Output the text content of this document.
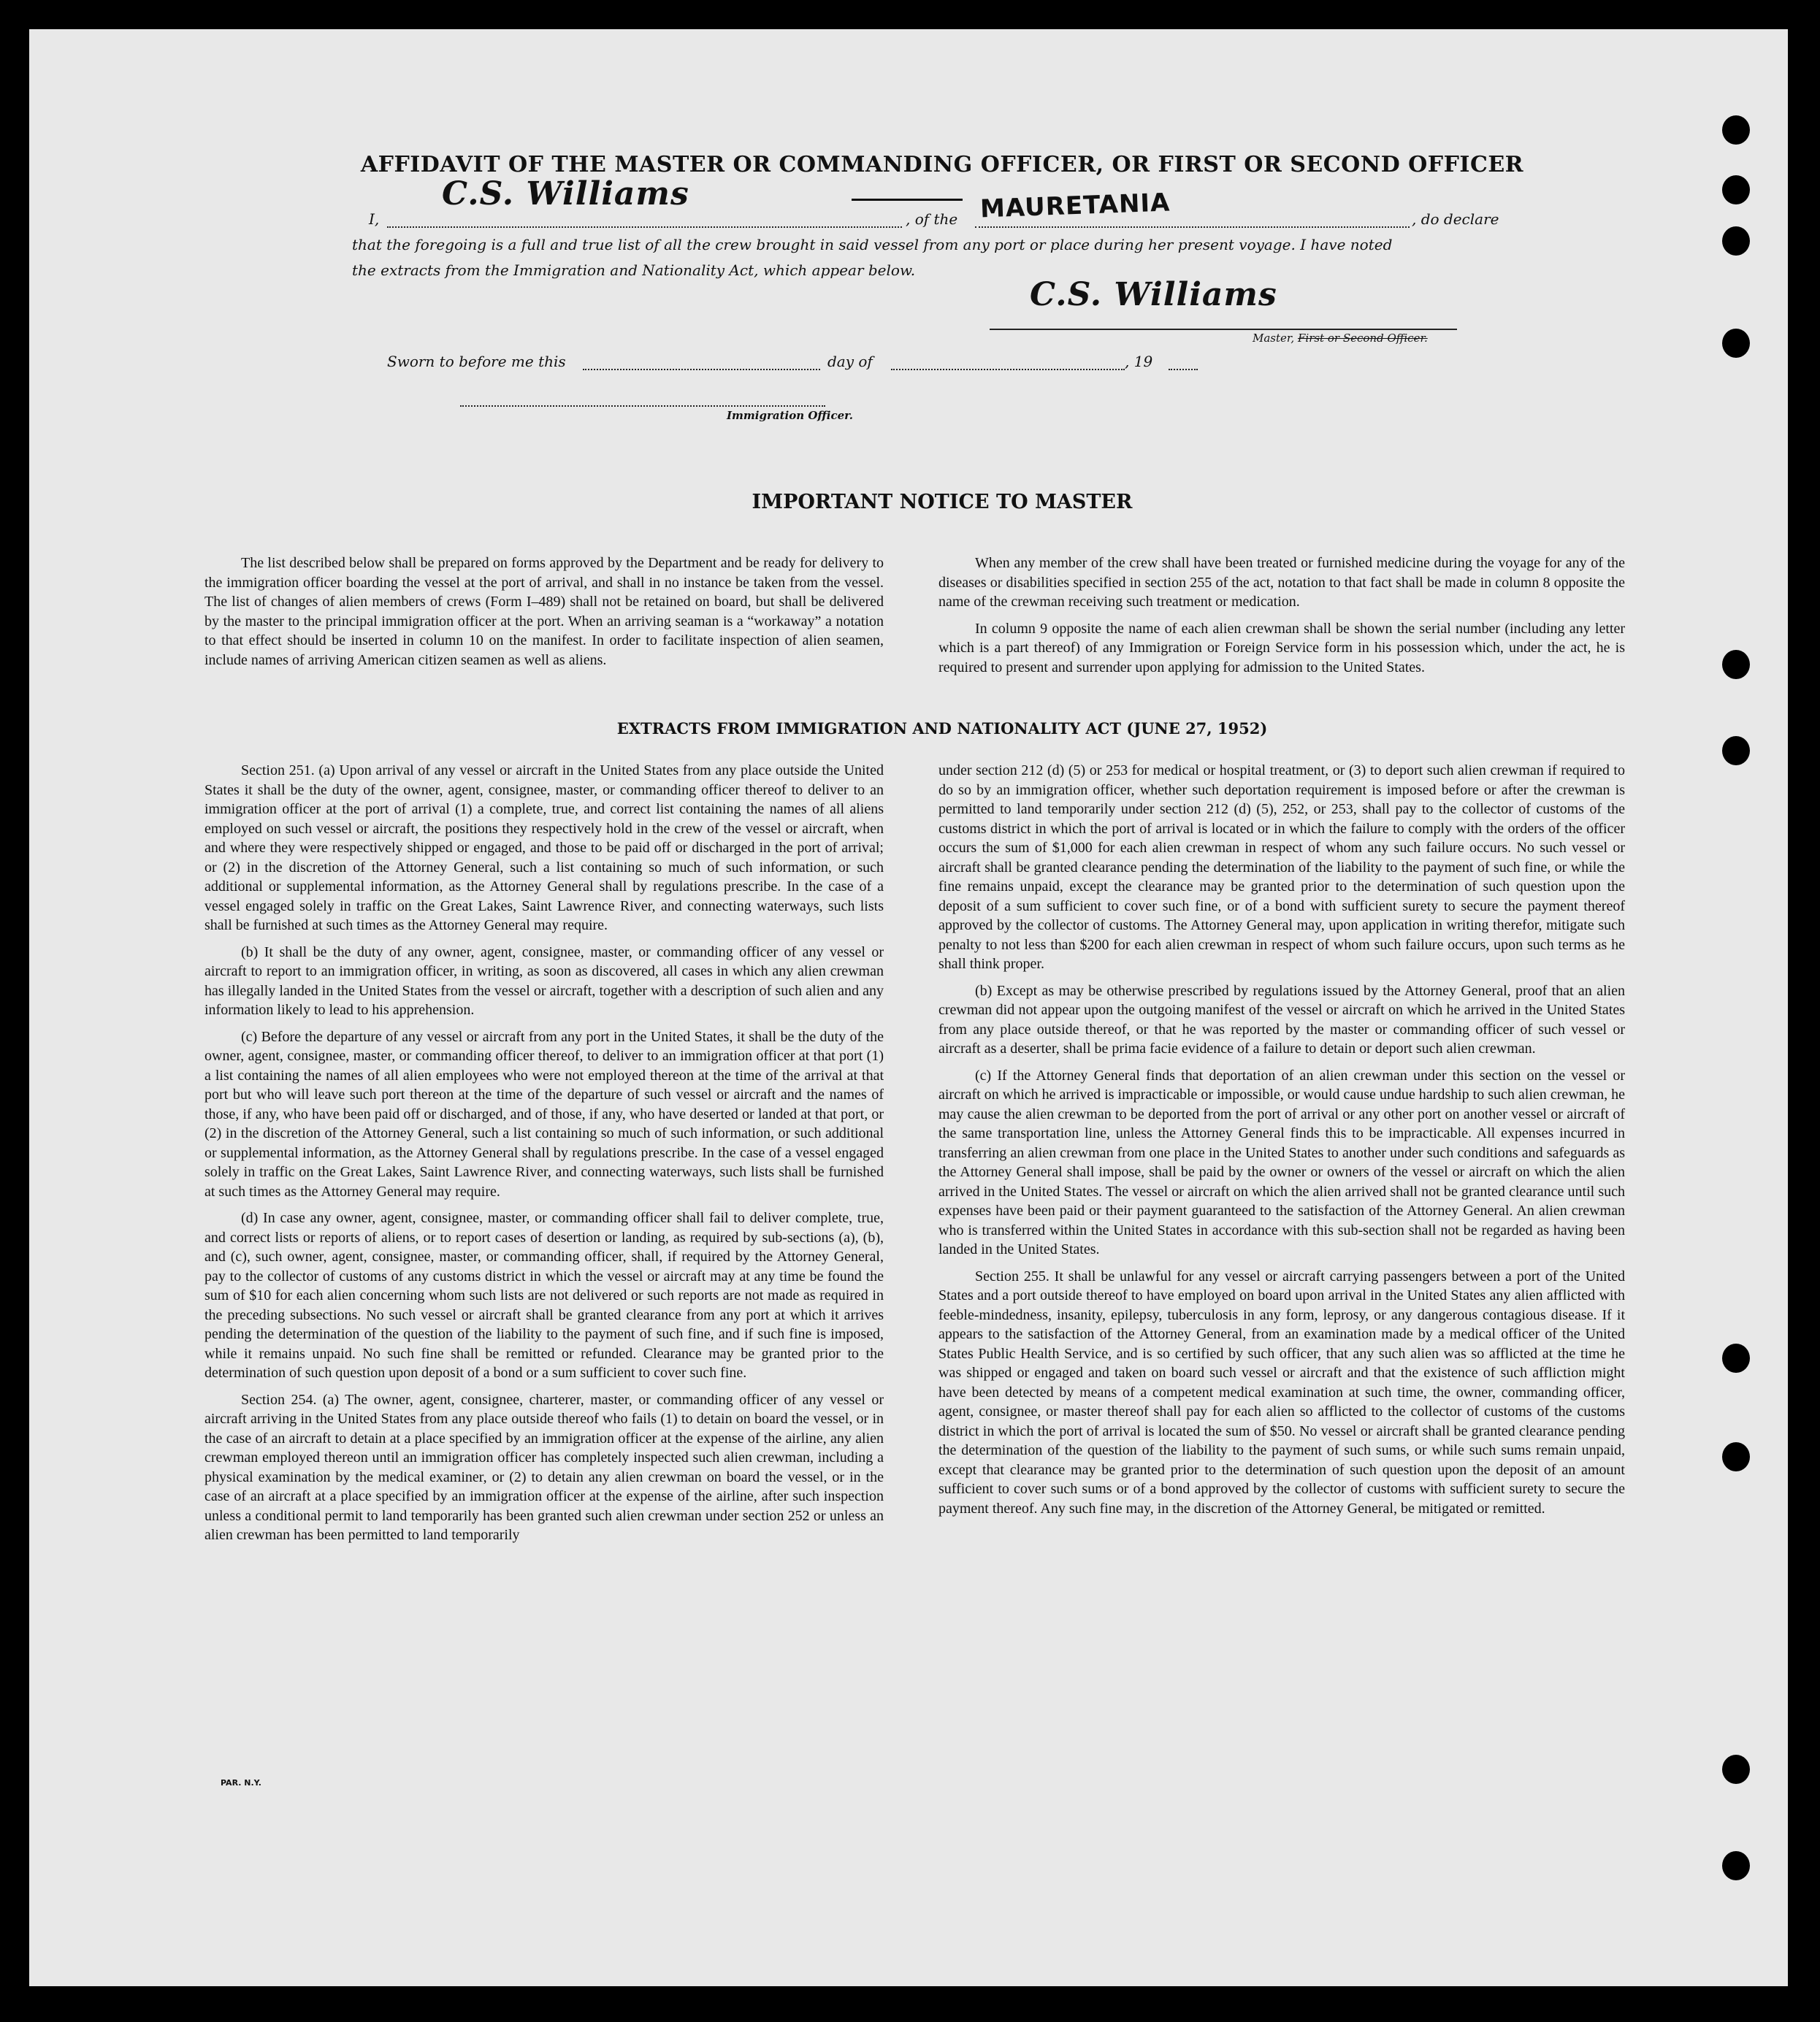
AFFIDAVIT OF THE MASTER OR COMMANDING OFFICER, OR FIRST OR SECOND OFFICER
I,
C.S. Williams
, of the MAURETANIA	, do declare
that the foregoing is a full and true list of all the crew brought in said vessel from any port or place during her present voyage. I have noted
the extracts from the Immigration and Nationality Act, which appear below.
C.S. Williams
Master, First or Second Officer.
Sworn to before me this	day of	, 19
Immigration Officer.
IMPORTANT NOTICE TO MASTER

The list described below shall be prepared on forms approved by the Department and be ready for delivery to the immigration officer boarding the vessel at the port of arrival, and shall in no instance be taken from the vessel. The list of changes of alien members of crews (Form I–489) shall not be retained on board, but shall be delivered by the master to the principal immigration officer at the port. When an arriving seaman is a “workaway” a notation to that effect should be inserted in column 10 on the manifest. In order to facilitate inspection of alien seamen, include names of arriving American citizen seamen as well as aliens.

When any member of the crew shall have been treated or furnished medicine during the voyage for any of the diseases or disabilities specified in section 255 of the act, notation to that fact shall be made in column 8 opposite the name of the crewman receiving such treatment or medication.

In column 9 opposite the name of each alien crewman shall be shown the serial number (including any letter which is a part thereof) of any Immigration or Foreign Service form in his possession which, under the act, he is required to present and surrender upon applying for admission to the United States.

EXTRACTS FROM IMMIGRATION AND NATIONALITY ACT (JUNE 27, 1952)

Section 251. (a) Upon arrival of any vessel or aircraft in the United States from any place outside the United States it shall be the duty of the owner, agent, consignee, master, or commanding officer thereof to deliver to an immigration officer at the port of arrival (1) a complete, true, and correct list containing the names of all aliens employed on such vessel or aircraft, the positions they respectively hold in the crew of the vessel or aircraft, when and where they were respectively shipped or engaged, and those to be paid off or discharged in the port of arrival; or (2) in the discretion of the Attorney General, such a list containing so much of such information, or such additional or supplemental information, as the Attorney General shall by regulations prescribe. In the case of a vessel engaged solely in traffic on the Great Lakes, Saint Lawrence River, and connecting waterways, such lists shall be furnished at such times as the Attorney General may require.

(b) It shall be the duty of any owner, agent, consignee, master, or commanding officer of any vessel or aircraft to report to an immigration officer, in writing, as soon as discovered, all cases in which any alien crewman has illegally landed in the United States from the vessel or aircraft, together with a description of such alien and any information likely to lead to his apprehension.

(c) Before the departure of any vessel or aircraft from any port in the United States, it shall be the duty of the owner, agent, consignee, master, or commanding officer thereof, to deliver to an immigration officer at that port (1) a list containing the names of all alien employees who were not employed thereon at the time of the arrival at that port but who will leave such port thereon at the time of the departure of such vessel or aircraft and the names of those, if any, who have been paid off or discharged, and of those, if any, who have deserted or landed at that port, or (2) in the discretion of the Attorney General, such a list containing so much of such information, or such additional or supplemental information, as the Attorney General shall by regulations prescribe. In the case of a vessel engaged solely in traffic on the Great Lakes, Saint Lawrence River, and connecting waterways, such lists shall be furnished at such times as the Attorney General may require.

(d) In case any owner, agent, consignee, master, or commanding officer shall fail to deliver complete, true, and correct lists or reports of aliens, or to report cases of desertion or landing, as required by sub-sections (a), (b), and (c), such owner, agent, consignee, master, or commanding officer, shall, if required by the Attorney General, pay to the collector of customs of any customs district in which the vessel or aircraft may at any time be found the sum of $10 for each alien concerning whom such lists are not delivered or such reports are not made as required in the preceding subsections. No such vessel or aircraft shall be granted clearance from any port at which it arrives pending the determination of the question of the liability to the payment of such fine, and if such fine is imposed, while it remains unpaid. No such fine shall be remitted or refunded. Clearance may be granted prior to the determination of such question upon deposit of a bond or a sum sufficient to cover such fine.

Section 254. (a) The owner, agent, consignee, charterer, master, or commanding officer of any vessel or aircraft arriving in the United States from any place outside thereof who fails (1) to detain on board the vessel, or in the case of an aircraft to detain at a place specified by an immigration officer at the expense of the airline, any alien crewman employed thereon until an immigration officer has completely inspected such alien crewman, including a physical examination by the medical examiner, or (2) to detain any alien crewman on board the vessel, or in the case of an aircraft at a place specified by an immigration officer at the expense of the airline, after such inspection unless a conditional permit to land temporarily has been granted such alien crewman under section 252 or unless an alien crewman has been permitted to land temporarily

under section 212 (d) (5) or 253 for medical or hospital treatment, or (3) to deport such alien crewman if required to do so by an immigration officer, whether such deportation requirement is imposed before or after the crewman is permitted to land temporarily under section 212 (d) (5), 252, or 253, shall pay to the collector of customs of the customs district in which the port of arrival is located or in which the failure to comply with the orders of the officer occurs the sum of $1,000 for each alien crewman in respect of whom any such failure occurs. No such vessel or aircraft shall be granted clearance pending the determination of the liability to the payment of such fine, or while the fine remains unpaid, except the clearance may be granted prior to the determination of such question upon the deposit of a sum sufficient to cover such fine, or of a bond with sufficient surety to secure the payment thereof approved by the collector of customs. The Attorney General may, upon application in writing therefor, mitigate such penalty to not less than $200 for each alien crewman in respect of whom such failure occurs, upon such terms as he shall think proper.

(b) Except as may be otherwise prescribed by regulations issued by the Attorney General, proof that an alien crewman did not appear upon the outgoing manifest of the vessel or aircraft on which he arrived in the United States from any place outside thereof, or that he was reported by the master or commanding officer of such vessel or aircraft as a deserter, shall be prima facie evidence of a failure to detain or deport such alien crewman.

(c) If the Attorney General finds that deportation of an alien crewman under this section on the vessel or aircraft on which he arrived is impracticable or impossible, or would cause undue hardship to such alien crewman, he may cause the alien crewman to be deported from the port of arrival or any other port on another vessel or aircraft of the same transportation line, unless the Attorney General finds this to be impracticable. All expenses incurred in transferring an alien crewman from one place in the United States to another under such conditions and safeguards as the Attorney General shall impose, shall be paid by the owner or owners of the vessel or aircraft on which the alien arrived in the United States. The vessel or aircraft on which the alien arrived shall not be granted clearance until such expenses have been paid or their payment guaranteed to the satisfaction of the Attorney General. An alien crewman who is transferred within the United States in accordance with this sub-section shall not be regarded as having been landed in the United States.

Section 255. It shall be unlawful for any vessel or aircraft carrying passengers between a port of the United States and a port outside thereof to have employed on board upon arrival in the United States any alien afflicted with feeble-mindedness, insanity, epilepsy, tuberculosis in any form, leprosy, or any dangerous contagious disease. If it appears to the satisfaction of the Attorney General, from an examination made by a medical officer of the United States Public Health Service, and is so certified by such officer, that any such alien was so afflicted at the time he was shipped or engaged and taken on board such vessel or aircraft and that the existence of such affliction might have been detected by means of a competent medical examination at such time, the owner, commanding officer, agent, consignee, or master thereof shall pay for each alien so afflicted to the collector of customs of the customs district in which the port of arrival is located the sum of $50. No vessel or aircraft shall be granted clearance pending the determination of the question of the liability to the payment of such sums, or while such sums remain unpaid, except that clearance may be granted prior to the determination of such question upon the deposit of an amount sufficient to cover such sums or of a bond approved by the collector of customs with sufficient surety to secure the payment thereof. Any such fine may, in the discretion of the Attorney General, be mitigated or remitted.

PAR. N.Y.
